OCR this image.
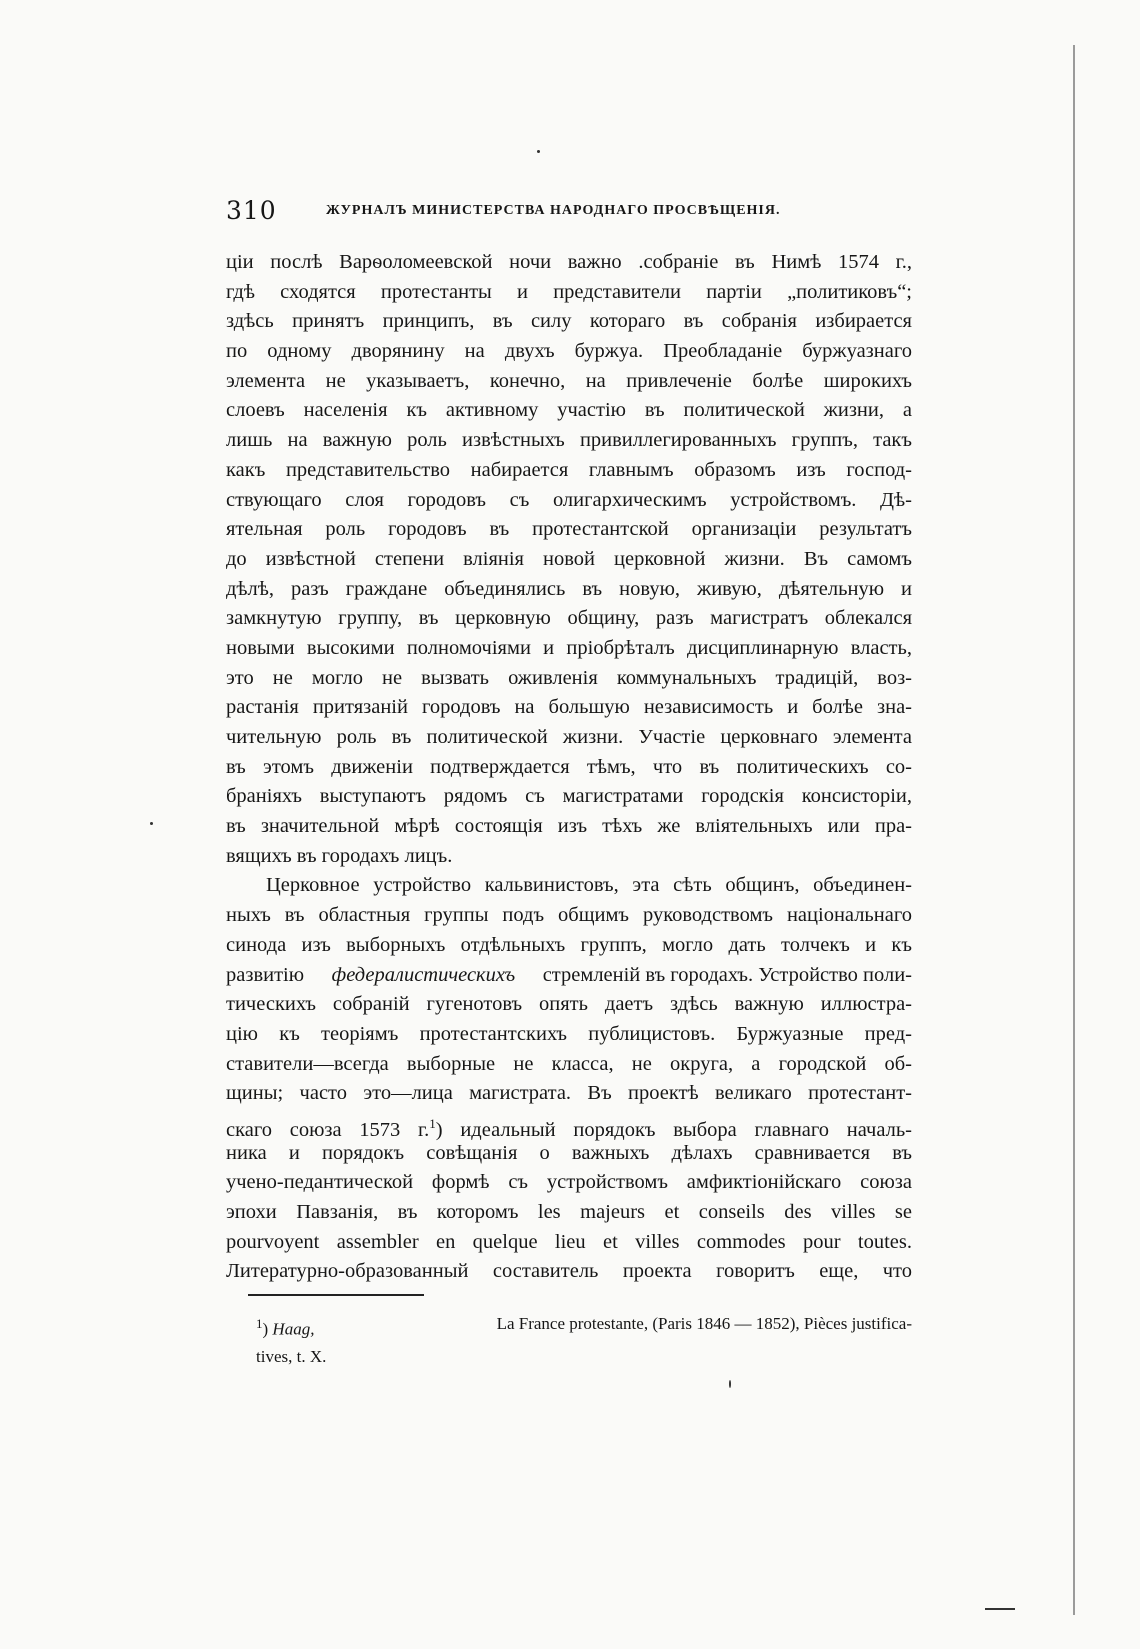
310	ЖУРНАЛЪ МИНИСТЕРСТВА НАРОДНАГО ПРОСВѢЩЕНІЯ.
ціи послѣ Варѳоломеевской ночи важно .собраніе въ Нимѣ 1574 г.,
гдѣ сходятся протестанты и представители партіи „политиковъ“;
здѣсь принятъ принципъ, въ силу котораго въ собранія избирается
по одному дворянину на двухъ буржуа. Преобладаніе буржуазнаго
элемента не указываетъ, конечно, на привлеченіе болѣе широкихъ
слоевъ населенія къ активному участію въ политической жизни, а
лишь на важную роль извѣстныхъ привиллегированныхъ группъ, такъ
какъ представительство набирается главнымъ образомъ изъ господ-
ствующаго слоя городовъ съ олигархическимъ устройствомъ. Дѣ-
ятельная роль городовъ въ протестантской организаціи результатъ
до извѣстной степени вліянія новой церковной жизни. Въ самомъ
дѣлѣ, разъ граждане объединялись въ новую, живую, дѣятельную и
замкнутую группу, въ церковную общину, разъ магистратъ облекался
новыми высокими полномочіями и пріобрѣталъ дисциплинарную власть,
это не могло не вызвать оживленія коммунальныхъ традицій, воз-
растанія притязаній городовъ на большую независимость и болѣе зна-
чительную роль въ политической жизни. Участіе церковнаго элемента
въ этомъ движеніи подтверждается тѣмъ, что въ политическихъ со-
браніяхъ выступаютъ рядомъ съ магистратами городскія консисторіи,
въ значительной мѣрѣ состоящія изъ тѣхъ же вліятельныхъ или пра-
вящихъ въ городахъ лицъ.
Церковное устройство кальвинистовъ, эта сѣть общинъ, объединен-
ныхъ въ областныя группы подъ общимъ руководствомъ національнаго
синода изъ выборныхъ отдѣльныхъ группъ, могло дать толчекъ и къ
развитію федералистическихъ стремленій въ городахъ. Устройство поли-
тическихъ собраній гугенотовъ опять даетъ здѣсь важную иллюстра-
цію къ теоріямъ протестантскихъ публицистовъ. Буржуазные пред-
ставители—всегда выборные не класса, не округа, а городской об-
щины; часто это—лица магистрата. Въ проектѣ великаго протестант-
скаго союза 1573 г.$^1$) идеальный порядокъ выбора главнаго началь-
ника и порядокъ совѣщанія о важныхъ дѣлахъ сравнивается въ
учено-педантической формѣ съ устройствомъ амфиктіонійскаго союза
эпохи Павзанія, въ которомъ les majeurs et conseils des villes se
pourvoyent assembler en quelque lieu et villes commodes pour toutes.
Литературно-образованный составитель проекта говоритъ еще, что
$^1$) Haag,	La France protestante, (Paris 1846 — 1852), Pièces justifica-
tives, t. X.
